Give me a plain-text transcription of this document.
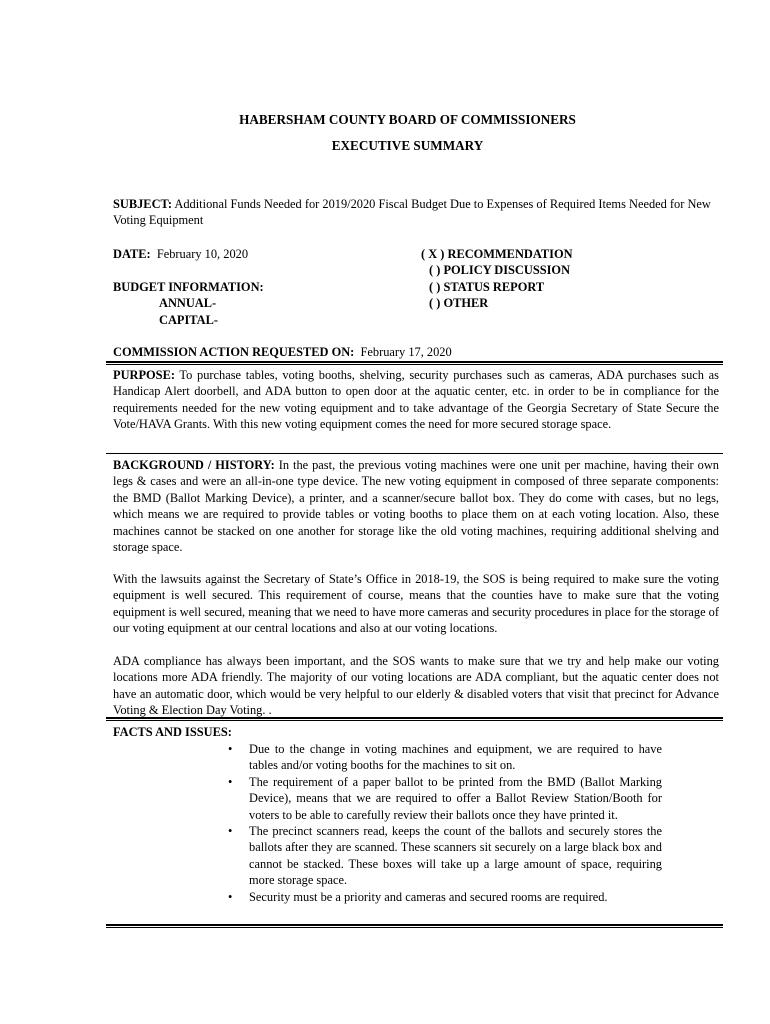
HABERSHAM COUNTY BOARD OF COMMISSIONERS
EXECUTIVE SUMMARY
SUBJECT: Additional Funds Needed for 2019/2020 Fiscal Budget Due to Expenses of Required Items Needed for New Voting Equipment
DATE:  February 10, 2020	( X ) RECOMMENDATION
( ) POLICY DISCUSSION
( ) STATUS REPORT
( ) OTHER
BUDGET INFORMATION:
ANNUAL-
CAPITAL-
COMMISSION ACTION REQUESTED ON:  February 17, 2020
PURPOSE: To purchase tables, voting booths, shelving, security purchases such as cameras, ADA purchases such as Handicap Alert doorbell, and ADA button to open door at the aquatic center, etc. in order to be in compliance for the requirements needed for the new voting equipment and to take advantage of the Georgia Secretary of State Secure the Vote/HAVA Grants. With this new voting equipment comes the need for more secured storage space.
BACKGROUND / HISTORY: In the past, the previous voting machines were one unit per machine, having their own legs & cases and were an all-in-one type device. The new voting equipment in composed of three separate components: the BMD (Ballot Marking Device), a printer, and a scanner/secure ballot box. They do come with cases, but no legs, which means we are required to provide tables or voting booths to place them on at each voting location. Also, these machines cannot be stacked on one another for storage like the old voting machines, requiring additional shelving and storage space.
With the lawsuits against the Secretary of State’s Office in 2018-19, the SOS is being required to make sure the voting equipment is well secured. This requirement of course, means that the counties have to make sure that the voting equipment is well secured, meaning that we need to have more cameras and security procedures in place for the storage of our voting equipment at our central locations and also at our voting locations.
ADA compliance has always been important, and the SOS wants to make sure that we try and help make our voting locations more ADA friendly. The majority of our voting locations are ADA compliant, but the aquatic center does not have an automatic door, which would be very helpful to our elderly & disabled voters that visit that precinct for Advance Voting & Election Day Voting. .
FACTS AND ISSUES:
• Due to the change in voting machines and equipment, we are required to have tables and/or voting booths for the machines to sit on.
• The requirement of a paper ballot to be printed from the BMD (Ballot Marking Device), means that we are required to offer a Ballot Review Station/Booth for voters to be able to carefully review their ballots once they have printed it.
• The precinct scanners read, keeps the count of the ballots and securely stores the ballots after they are scanned. These scanners sit securely on a large black box and cannot be stacked. These boxes will take up a large amount of space, requiring more storage space.
• Security must be a priority and cameras and secured rooms are required.
